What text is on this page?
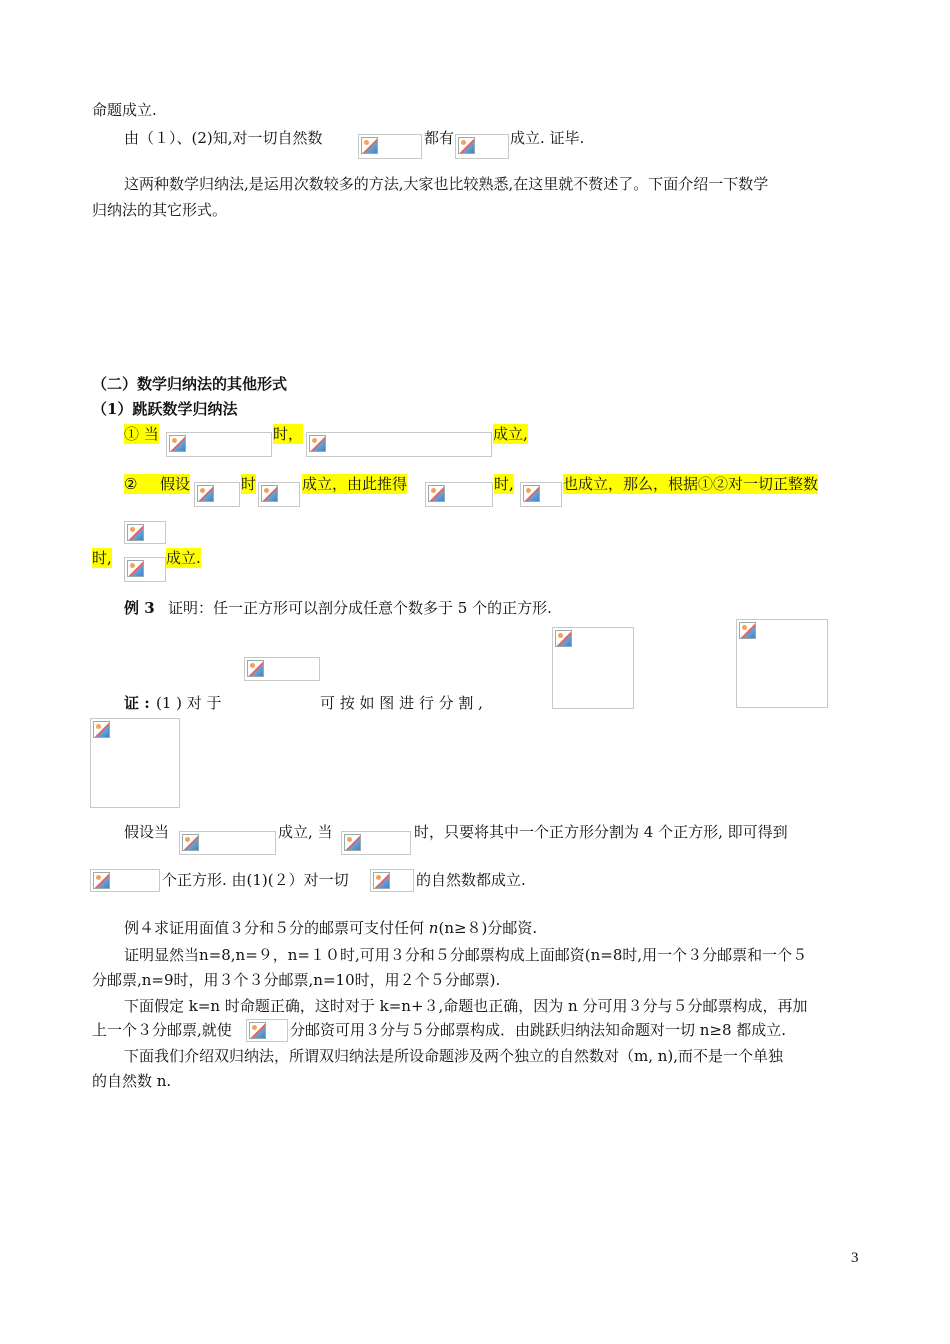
命题成立.
由（１）、(2)知,对一切自然数	都有	成立. 证毕.
这两种数学归纳法,是运用次数较多的方法,大家也比较熟悉,在这里就不赘述了。下面介绍一下数学
归纳法的其它形式。
（二）数学归纳法的其他形式
（1）跳跃数学归纳法
① 当	时，	成立,
②	假设	时	成立，由此推得	时,	也成立，那么，根据①②对一切正整数
时,	成立.
例 3 证明：任一正方形可以剖分成任意个数多于 5 个的正方形.
证 : (1 ) 对 于	可 按 如 图 进 行 分 割 ,
假设当	成立, 当	时，只要将其中一个正方形分割为 4 个正方形, 即可得到
个正方形. 由(1)(２）对一切	的自然数都成立.
例４求证用面值３分和５分的邮票可支付任何 n(n≥８)分邮资.
证明显然当n=8,n=９，n=１０时,可用３分和５分邮票构成上面邮资(n=8时,用一个３分邮票和一个５
分邮票,n=9时，用３个３分邮票,n=10时，用２个５分邮票).
下面假定 k=n 时命题正确，这时对于 k=n+３,命题也正确，因为 n 分可用３分与５分邮票构成，再加
上一个３分邮票,就使	分邮资可用３分与５分邮票构成．由跳跃归纳法知命题对一切 n≥8 都成立.
下面我们介绍双归纳法，所谓双归纳法是所设命题涉及两个独立的自然数对（m, n),而不是一个单独
的自然数 n.
3
